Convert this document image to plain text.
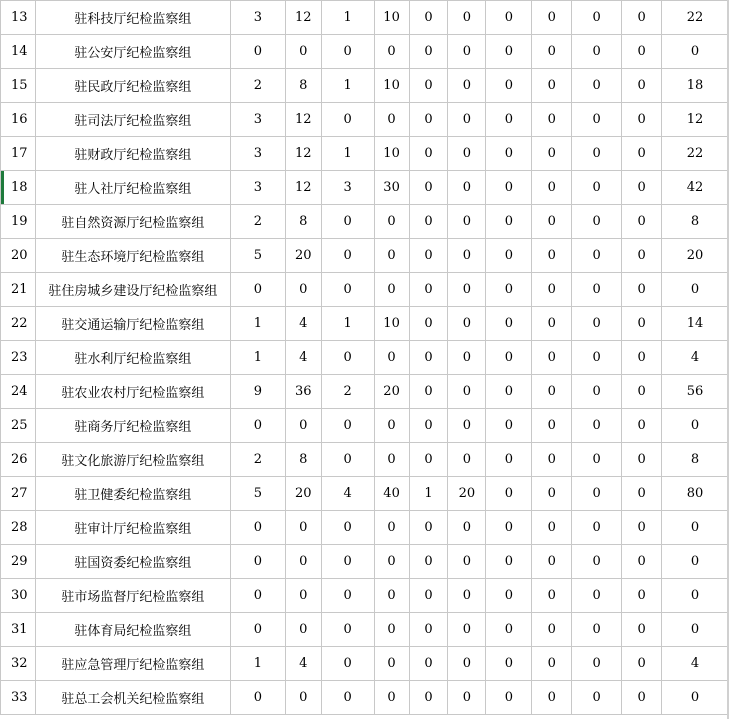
13	驻科技厅纪检监察组	3	12	1	10	0	0	0	0	0	0	22
14	驻公安厅纪检监察组	0	0	0	0	0	0	0	0	0	0	0
15	驻民政厅纪检监察组	2	8	1	10	0	0	0	0	0	0	18
16	驻司法厅纪检监察组	3	12	0	0	0	0	0	0	0	0	12
17	驻财政厅纪检监察组	3	12	1	10	0	0	0	0	0	0	22
18	驻人社厅纪检监察组	3	12	3	30	0	0	0	0	0	0	42
19	驻自然资源厅纪检监察组	2	8	0	0	0	0	0	0	0	0	8
20	驻生态环境厅纪检监察组	5	20	0	0	0	0	0	0	0	0	20
21	驻住房城乡建设厅纪检监察组	0	0	0	0	0	0	0	0	0	0	0
22	驻交通运输厅纪检监察组	1	4	1	10	0	0	0	0	0	0	14
23	驻水利厅纪检监察组	1	4	0	0	0	0	0	0	0	0	4
24	驻农业农村厅纪检监察组	9	36	2	20	0	0	0	0	0	0	56
25	驻商务厅纪检监察组	0	0	0	0	0	0	0	0	0	0	0
26	驻文化旅游厅纪检监察组	2	8	0	0	0	0	0	0	0	0	8
27	驻卫健委纪检监察组	5	20	4	40	1	20	0	0	0	0	80
28	驻审计厅纪检监察组	0	0	0	0	0	0	0	0	0	0	0
29	驻国资委纪检监察组	0	0	0	0	0	0	0	0	0	0	0
30	驻市场监督厅纪检监察组	0	0	0	0	0	0	0	0	0	0	0
31	驻体育局纪检监察组	0	0	0	0	0	0	0	0	0	0	0
32	驻应急管理厅纪检监察组	1	4	0	0	0	0	0	0	0	0	4
33	驻总工会机关纪检监察组	0	0	0	0	0	0	0	0	0	0	0
